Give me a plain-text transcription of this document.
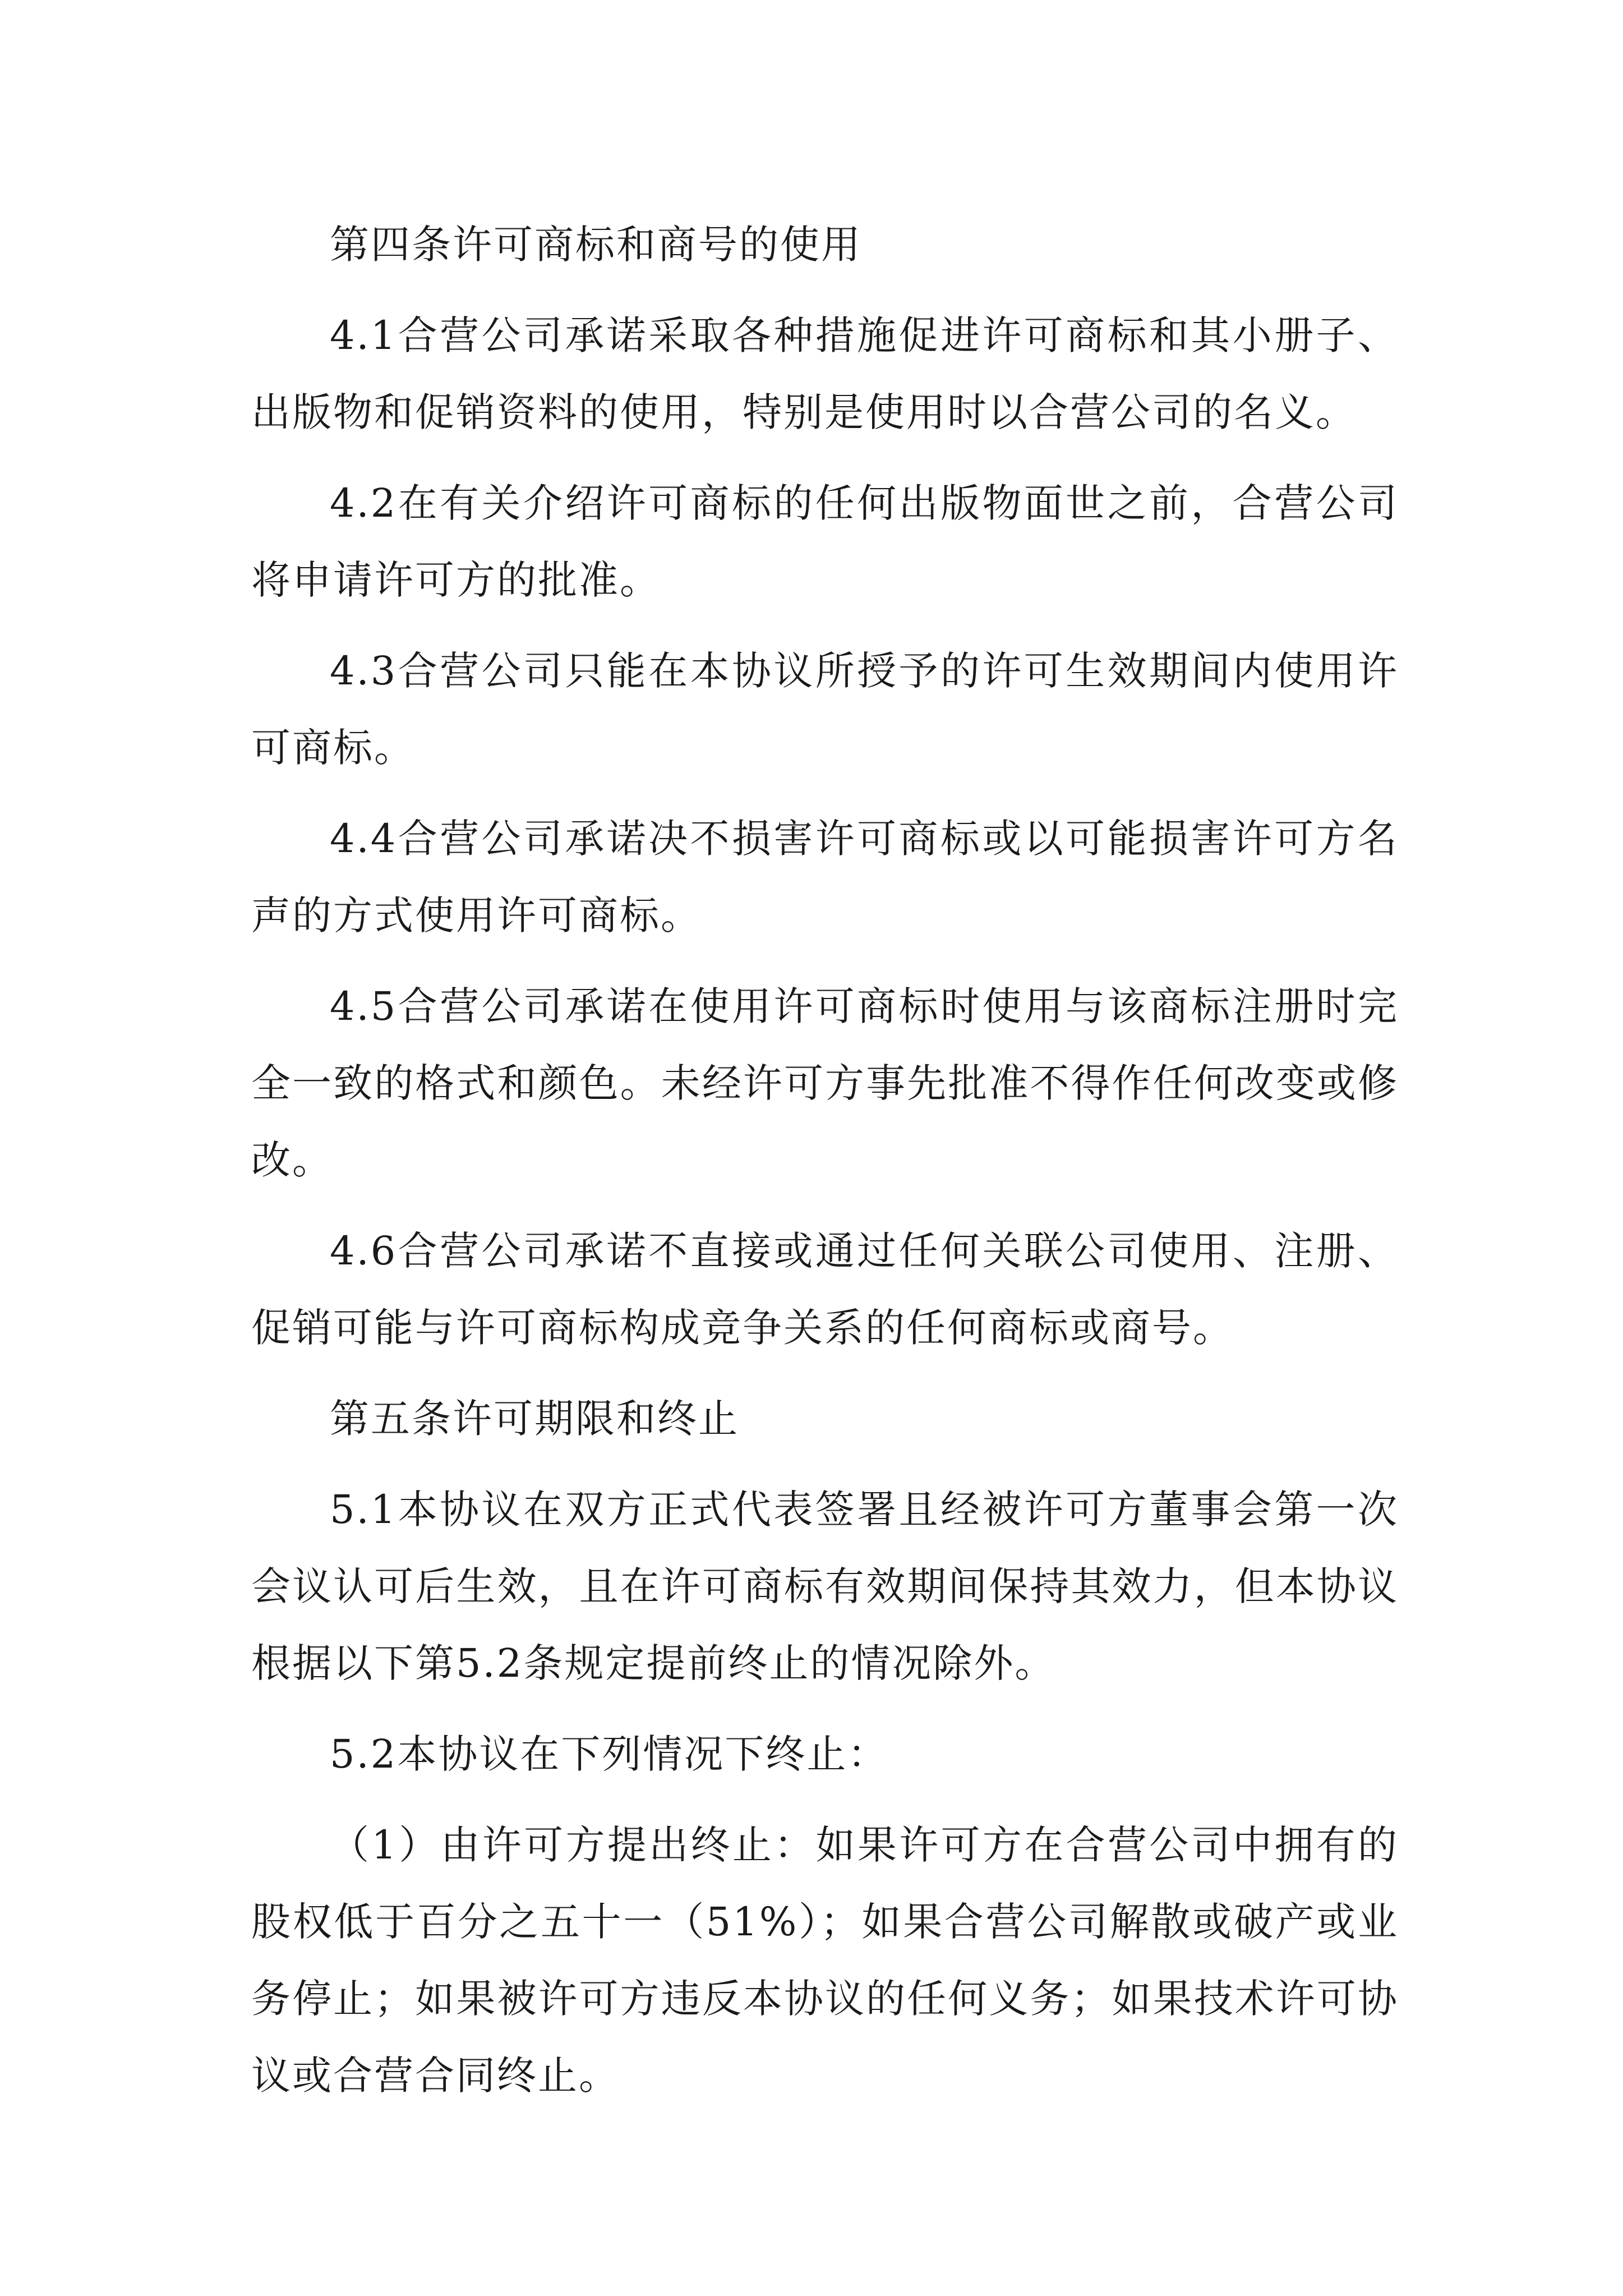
第四条许可商标和商号的使用

4.1合营公司承诺采取各种措施促进许可商标和其小册子、出版物和促销资料的使用，特别是使用时以合营公司的名义。

4.2在有关介绍许可商标的任何出版物面世之前，合营公司将申请许可方的批准。

4.3合营公司只能在本协议所授予的许可生效期间内使用许可商标。

4.4合营公司承诺决不损害许可商标或以可能损害许可方名声的方式使用许可商标。

4.5合营公司承诺在使用许可商标时使用与该商标注册时完全一致的格式和颜色。未经许可方事先批准不得作任何改变或修改。

4.6合营公司承诺不直接或通过任何关联公司使用、注册、促销可能与许可商标构成竞争关系的任何商标或商号。

第五条许可期限和终止

5.1本协议在双方正式代表签署且经被许可方董事会第一次会议认可后生效，且在许可商标有效期间保持其效力，但本协议根据以下第5.2条规定提前终止的情况除外。

5.2本协议在下列情况下终止：

（1）由许可方提出终止：如果许可方在合营公司中拥有的股权低于百分之五十一（51%）；如果合营公司解散或破产或业务停止；如果被许可方违反本协议的任何义务；如果技术许可协议或合营合同终止。
